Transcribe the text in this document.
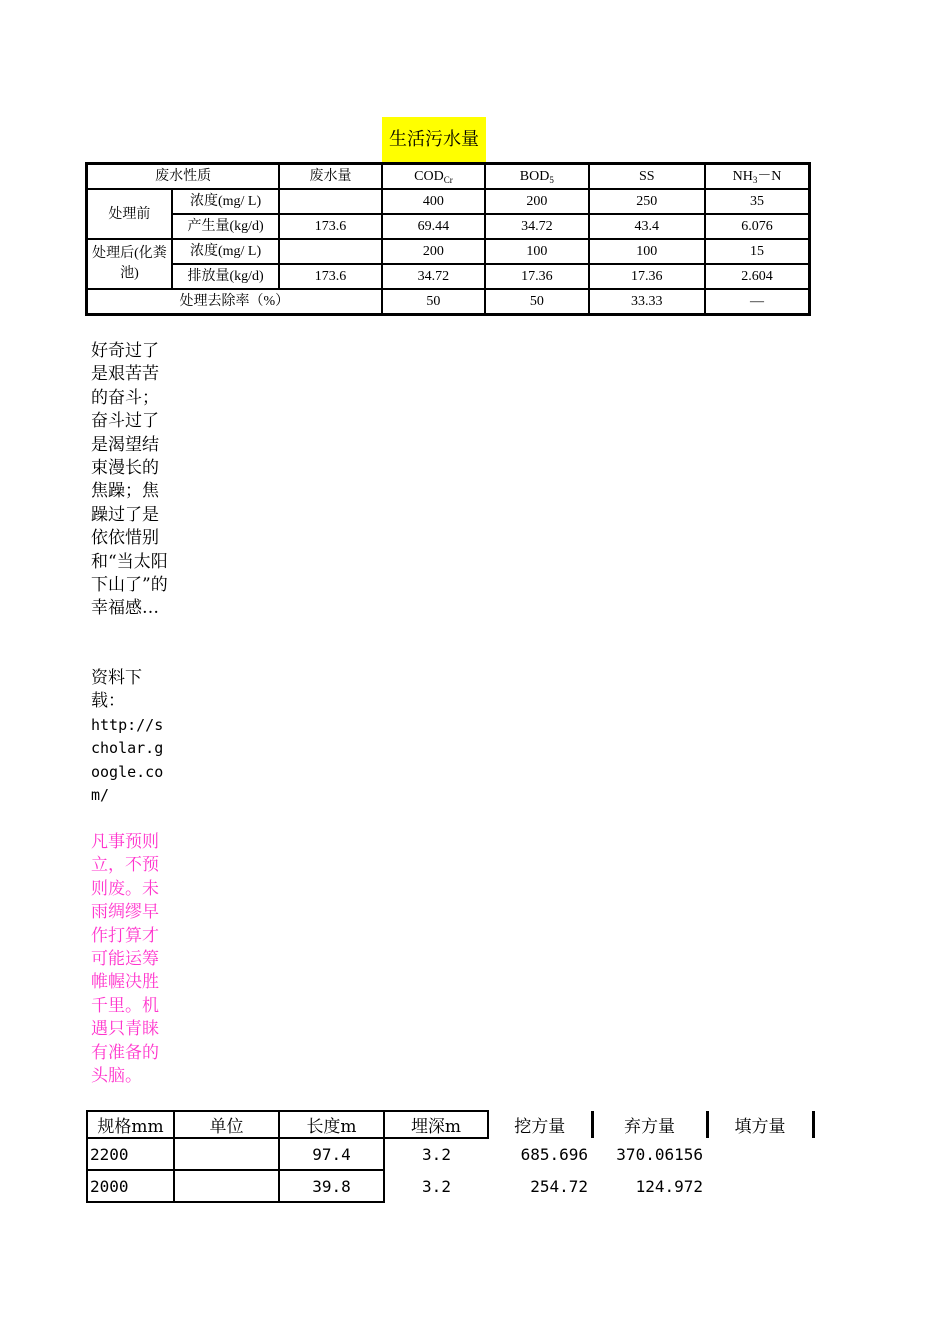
生活污水量
废水性质		废水量	$COD_{Cr}$	$BOD_5$	SS	$NH_3-N$
处理前	浓度(mg/ L)		400	200	250	35
	产生量(kg/d)	173.6	69.44	34.72	43.4	6.076
处理后(化粪池)	浓度(mg/ L)		200	100	100	15
	排放量(kg/d)	173.6	34.72	17.36	17.36	2.604
处理去除率（%）			50	50	33.33	—
好奇过了是艰苦苦的奋斗；奋斗过了是渴望结束漫长的焦躁；焦躁过了是依依惜别和“当太阳下山了”的幸福感…
资料下载：
http://scholar.google.com/
凡事预则立，不预则废。未雨绸缪早作打算才可能运筹帷幄决胜千里。机遇只青睐有准备的头脑。
规格mm	单位	长度m	埋深m	挖方量	弃方量	填方量
2200		97.4	3.2	685.696	370.06156	
2000		39.8	3.2	254.72	124.972	
